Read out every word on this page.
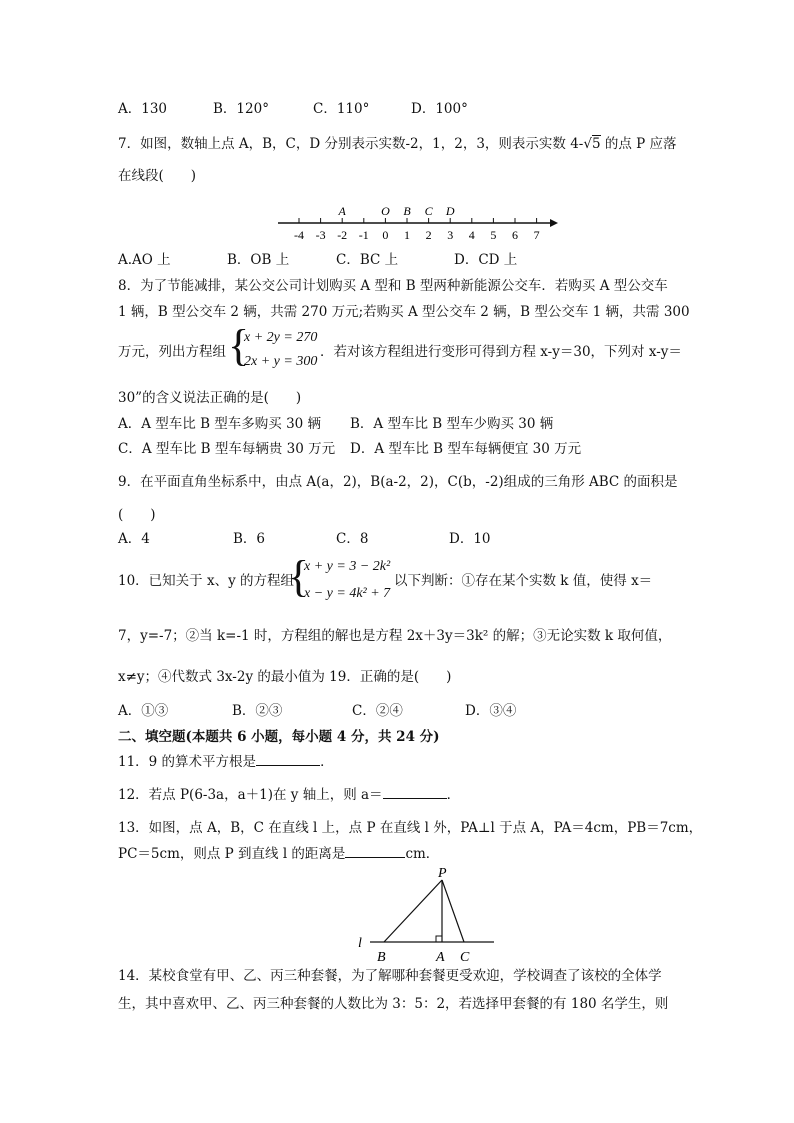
A．130	B．120°	C．110°	D．100°
7．如图，数轴上点 A，B，C，D 分别表示实数-2，1，2，3，则表示实数 4-√5 的点 P 应落
在线段(　　)
-4 -3 -2 -1 0 1 2 3 4 5 6 7
A	O B C D
A.AO 上	B．OB 上	C．BC 上	D．CD 上
8．为了节能减排，某公交公司计划购买 A 型和 B 型两种新能源公交车．若购买 A 型公交车
1 辆，B 型公交车 2 辆，共需 270 万元;若购买 A 型公交车 2 辆，B 型公交车 1 辆，共需 300
万元，列出方程组	．若对该方程组进行变形可得到方程 x-y＝30，下列对 x-y＝
{
x + 2y = 270
2x + y = 300
30”的含义说法正确的是(　　)
A．A 型车比 B 型车多购买 30 辆 B．A 型车比 B 型车少购买 30 辆
C．A 型车比 B 型车每辆贵 30 万元 D．A 型车比 B 型车每辆便宜 30 万元
9．在平面直角坐标系中，由点 A(a，2)，B(a-2，2)，C(b，-2)组成的三角形 ABC 的面积是
(　　)
A．4	B．6	C．8	D．10
10．已知关于 x、y 的方程组	以下判断：①存在某个实数 k 值，使得 x＝
{
x + y = 3 − 2k²
x − y = 4k² + 7
7，y=-7；②当 k=-1 时，方程组的解也是方程 2x＋3y＝3k² 的解；③无论实数 k 取何值，
x≠y；④代数式 3x-2y 的最小值为 19．正确的是(　　)
A．①③	B．②③	C．②④	D．③④
二、填空题(本题共 6 小题，每小题 4 分，共 24 分)
11．9 的算术平方根是	．
12．若点 P(6-3a，a＋1)在 y 轴上，则 a＝	．
13．如图，点 A，B，C 在直线 l 上，点 P 在直线 l 外，PA⊥l 于点 A，PA＝4cm，PB＝7cm，
PC＝5cm，则点 P 到直线 l 的距离是	cm．
P
l
B	A C
14．某校食堂有甲、乙、丙三种套餐，为了解哪种套餐更受欢迎，学校调查了该校的全体学
生，其中喜欢甲、乙、丙三种套餐的人数比为 3：5：2，若选择甲套餐的有 180 名学生，则
